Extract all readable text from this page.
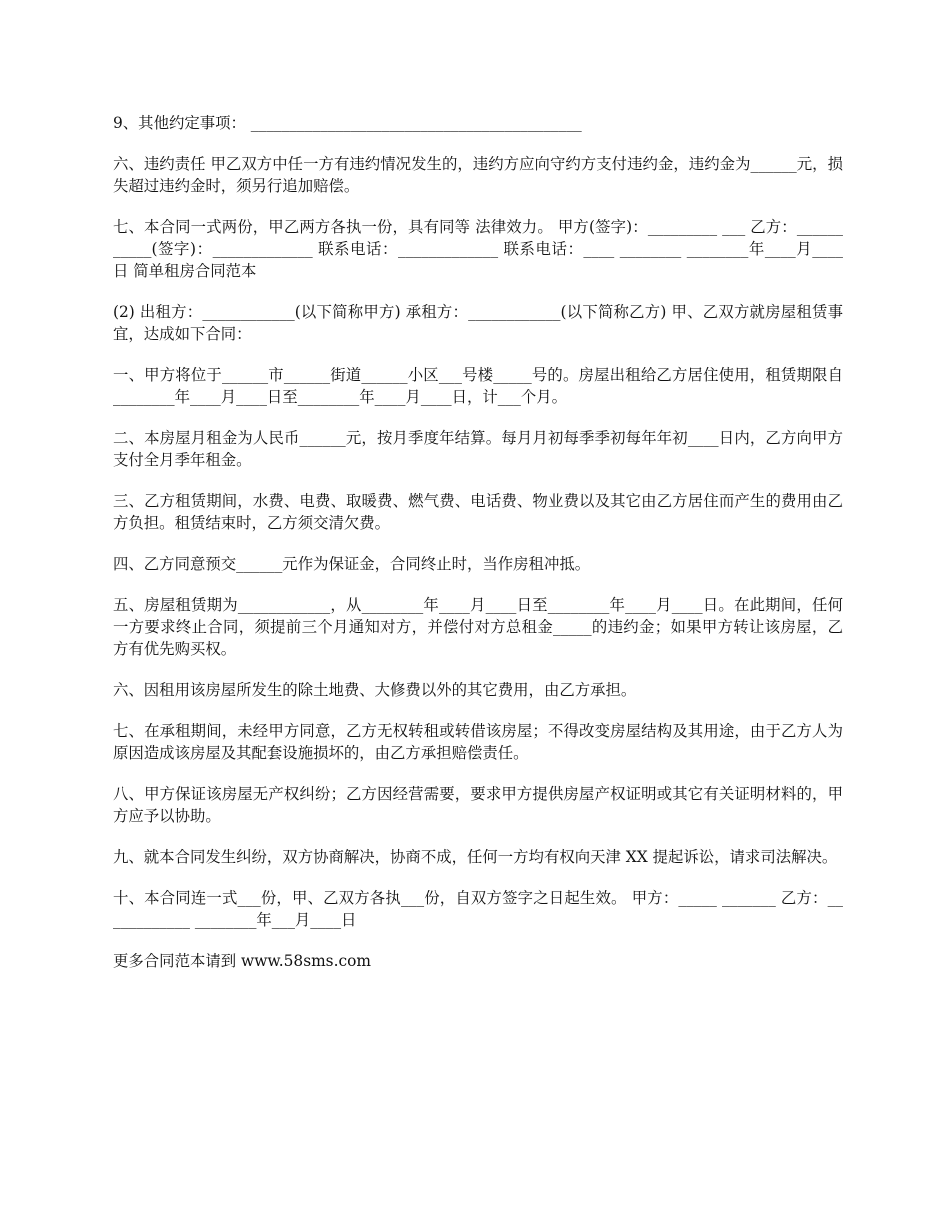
9、其他约定事项： ___________________________________________

六、违约责任 甲乙双方中任一方有违约情况发生的，违约方应向守约方支付违约金，违约金为______元，损失超过违约金时，须另行追加赔偿。

七、本合同一式两份，甲乙两方各执一份，具有同等 法律效力。 甲方(签字)：_________ ___ 乙方：___________(签字)：_____________ 联系电话：_____________ 联系电话：____ ________ ________年____月____日 简单租房合同范本

(2) 出租方：____________(以下简称甲方) 承租方：____________(以下简称乙方) 甲、乙双方就房屋租赁事宜，达成如下合同：

一、甲方将位于______市______街道______小区___号楼_____号的。房屋出租给乙方居住使用，租赁期限自________年____月____日至________年____月____日，计___个月。

二、本房屋月租金为人民币______元，按月季度年结算。每月月初每季季初每年年初____日内，乙方向甲方支付全月季年租金。

三、乙方租赁期间，水费、电费、取暖费、燃气费、电话费、物业费以及其它由乙方居住而产生的费用由乙方负担。租赁结束时，乙方须交清欠费。

四、乙方同意预交______元作为保证金，合同终止时，当作房租冲抵。

五、房屋租赁期为____________，从________年____月____日至________年____月____日。在此期间，任何一方要求终止合同，须提前三个月通知对方，并偿付对方总租金_____的违约金；如果甲方转让该房屋，乙方有优先购买权。

六、因租用该房屋所发生的除土地费、大修费以外的其它费用，由乙方承担。

七、在承租期间，未经甲方同意，乙方无权转租或转借该房屋；不得改变房屋结构及其用途，由于乙方人为原因造成该房屋及其配套设施损坏的，由乙方承担赔偿责任。

八、甲方保证该房屋无产权纠纷；乙方因经营需要，要求甲方提供房屋产权证明或其它有关证明材料的，甲方应予以协助。

九、就本合同发生纠纷，双方协商解决，协商不成，任何一方均有权向天津 XX 提起诉讼，请求司法解决。

十、本合同连一式___份，甲、乙双方各执___份，自双方签字之日起生效。 甲方：_____ _______ 乙方：____________ ________年___月____日

更多合同范本请到 www.58sms.com
